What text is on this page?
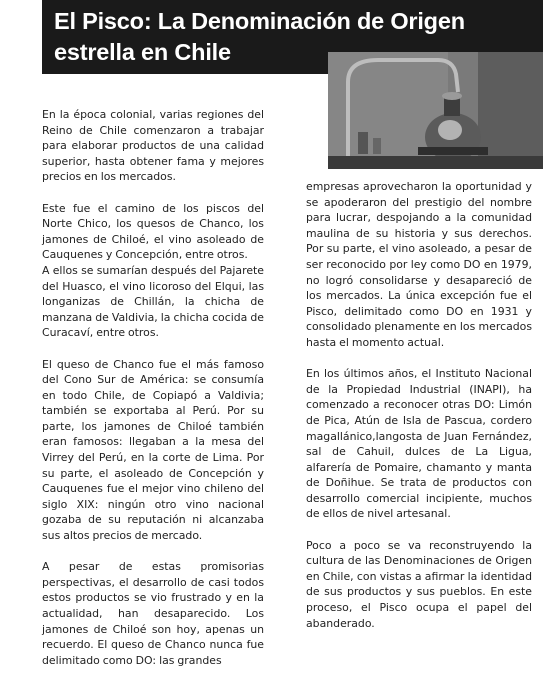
El Pisco: La Denominación de Origen
estrella en Chile

En la época colonial, varias regiones del Reino de Chile comenzaron a trabajar para elaborar productos de una calidad superior, hasta obtener fama y mejores precios en los mercados.

Este fue el camino de los piscos del Norte Chico, los quesos de Chanco, los jamones de Chiloé, el vino asoleado de Cauquenes y Concepción, entre otros.

A ellos se sumarían después del Pajarete del Huasco, el vino licoroso del Elqui, las longanizas de Chillán, la chicha de manzana de Valdivia, la chicha cocida de Curacaví, entre otros.

El queso de Chanco fue el más famoso del Cono Sur de América: se consumía en todo Chile, de Copiapó a Valdivia; también se exportaba al Perú. Por su parte, los jamones de Chiloé también eran famosos: llegaban a la mesa del Virrey del Perú, en la corte de Lima. Por su parte, el asoleado de Concepción y Cauquenes fue el mejor vino chileno del siglo XIX: ningún otro vino nacional gozaba de su reputación ni alcanzaba sus altos precios de mercado.

A pesar de estas promisorias perspectivas, el desarrollo de casi todos estos productos se vio frustrado y en la actualidad, han desaparecido. Los jamones de Chiloé son hoy, apenas un recuerdo. El queso de Chanco nunca fue delimitado como DO: las grandes

empresas aprovecharon la oportunidad y se apoderaron del prestigio del nombre para lucrar, despojando a la comunidad maulina de su historia y sus derechos. Por su parte, el vino asoleado, a pesar de ser reconocido por ley como DO en 1979, no logró consolidarse y desapareció de los mercados. La única excepción fue el Pisco, delimitado como DO en 1931 y consolidado plenamente en los mercados hasta el momento actual.

En los últimos años, el Instituto Nacional de la Propiedad Industrial (INAPI), ha comenzado a reconocer otras DO: Limón de Pica, Atún de Isla de Pascua, cordero magallánico,langosta de Juan Fernández, sal de Cahuil, dulces de La Ligua, alfarería de Pomaire, chamanto y manta de Doñihue. Se trata de productos con desarrollo comercial incipiente, muchos de ellos de nivel artesanal.

Poco a poco se va reconstruyendo la cultura de las Denominaciones de Origen en Chile, con vistas a afirmar la identidad de sus productos y sus pueblos. En este proceso, el Pisco ocupa el papel del abanderado.
